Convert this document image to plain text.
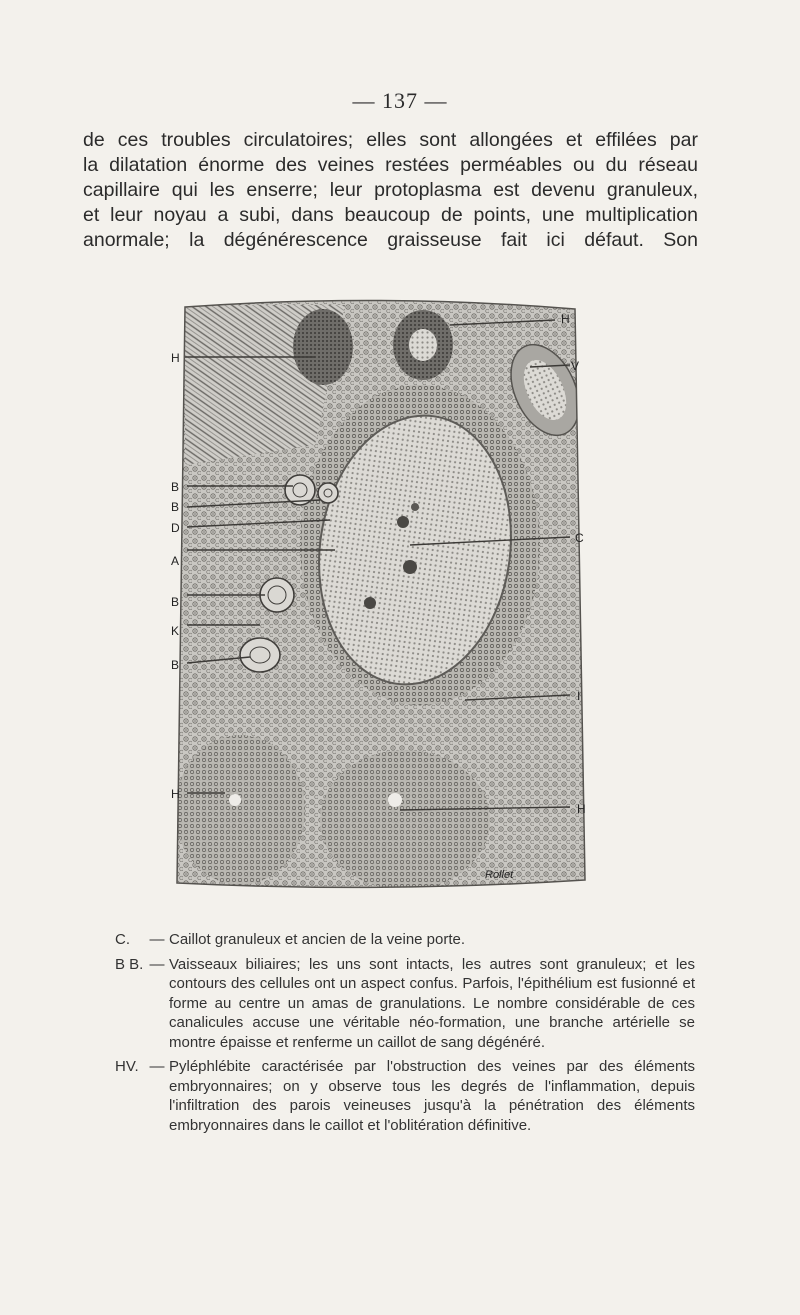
— 137 —
de ces troubles circulatoires; elles sont allongées et effilées par
la dilatation énorme des veines restées perméables ou du réseau
capillaire qui les enserre; leur protoplasma est devenu granuleux,
et leur noyau a subi, dans beaucoup de points, une multiplication
anormale; la dégénérescence graisseuse fait ici défaut. Son
H
B
B
D
A
B
K
B
H
H
V
C
I
H
Rollet
C.	— Caillot granuleux et ancien de la veine porte.
B B. — Vaisseaux biliaires; les uns sont intacts, les autres sont granuleux; et les contours des cellules ont un aspect confus. Parfois, l'épithélium est fusionné et forme au centre un amas de granulations. Le nombre considérable de ces canalicules accuse une véritable néo-formation, une branche artérielle se montre épaisse et renferme un caillot de sang dégénéré.
HV. — Pyléphlébite caractérisée par l'obstruction des veines par des éléments embryonnaires; on y observe tous les degrés de l'inflammation, depuis l'infiltration des parois veineuses jusqu'à la pénétration des éléments embryonnaires dans le caillot et l'oblitération définitive.
